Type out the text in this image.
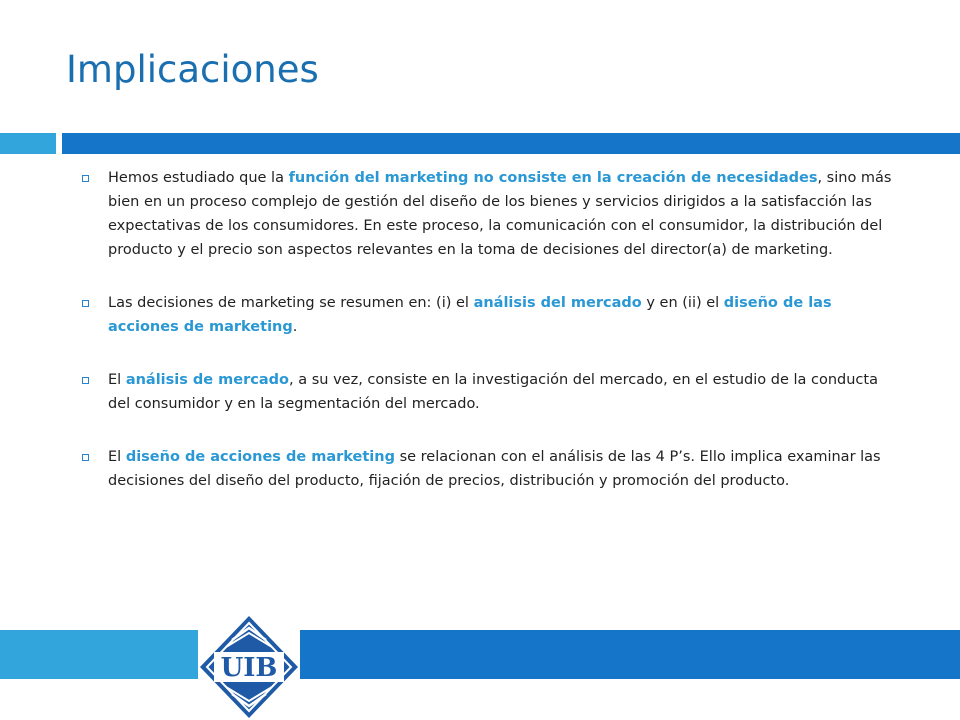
Implicaciones
Hemos estudiado que la función del marketing no consiste en la creación de necesidades, sino más bien en un proceso complejo de gestión del diseño de los bienes y servicios dirigidos a la satisfacción las expectativas de los consumidores. En este proceso, la comunicación con el consumidor, la distribución del producto y el precio son aspectos relevantes en la toma de decisiones del director(a) de marketing.
Las decisiones de marketing se resumen en: (i) el análisis del mercado y en (ii) el diseño de las acciones de marketing.
El análisis de mercado, a su vez, consiste en la investigación del mercado, en el estudio de la conducta del consumidor y en la segmentación del mercado.
El diseño de acciones de marketing se relacionan con el análisis de las 4 P’s. Ello implica examinar las decisiones del diseño del producto, fijación de precios, distribución y promoción del producto.
UIB
